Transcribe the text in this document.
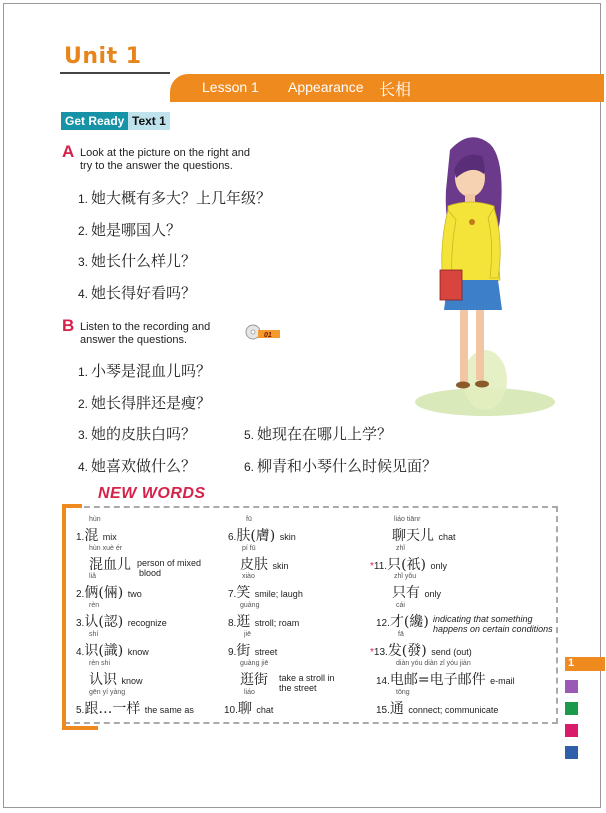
Unit 1
Lesson 1 Appearance 长相
Get Ready Text 1
A Look at the picture on the right and
try to the answer the questions.
1. 她大概有多大？上几年级？
2. 她是哪国人？
3. 她长什么样儿？
4. 她长得好看吗？
B Listen to the recording and
answer the questions.	01
1. 小琴是混血儿吗？
2. 她长得胖还是瘦？
3. 她的皮肤白吗？
4. 她喜欢做什么？
5. 她现在在哪儿上学？
6. 柳青和小琴什么时候见面？
NEW WORDS
hùn
1.混 mix
hùn xuè ér
混血儿 person of mixed
blood
liǎ
2.俩(倆) two
rèn
3.认(認) recognize
shí
4.识(識) know
rèn shi
认识 know
gēn yí yàng
5.跟…一样 the same as
fū
6.肤(膚) skin
pí fū
皮肤 skin
xiào
7.笑 smile; laugh
guàng
8.逛 stroll; roam
jiē
9.街 street
guàng jiē
逛街 take a stroll in
the street
liáo
10.聊 chat
liáo tiānr
聊天儿 chat
zhǐ
*11.只(祇) only
zhǐ yǒu
只有 only
cái
12.才(纔) indicating that something
happens on certain conditions
fā
*13.发(發) send (out)
diàn yóu diàn zǐ yóu jiàn
14.电邮=电子邮件 e-mail
tōng
15.通 connect; communicate
1
